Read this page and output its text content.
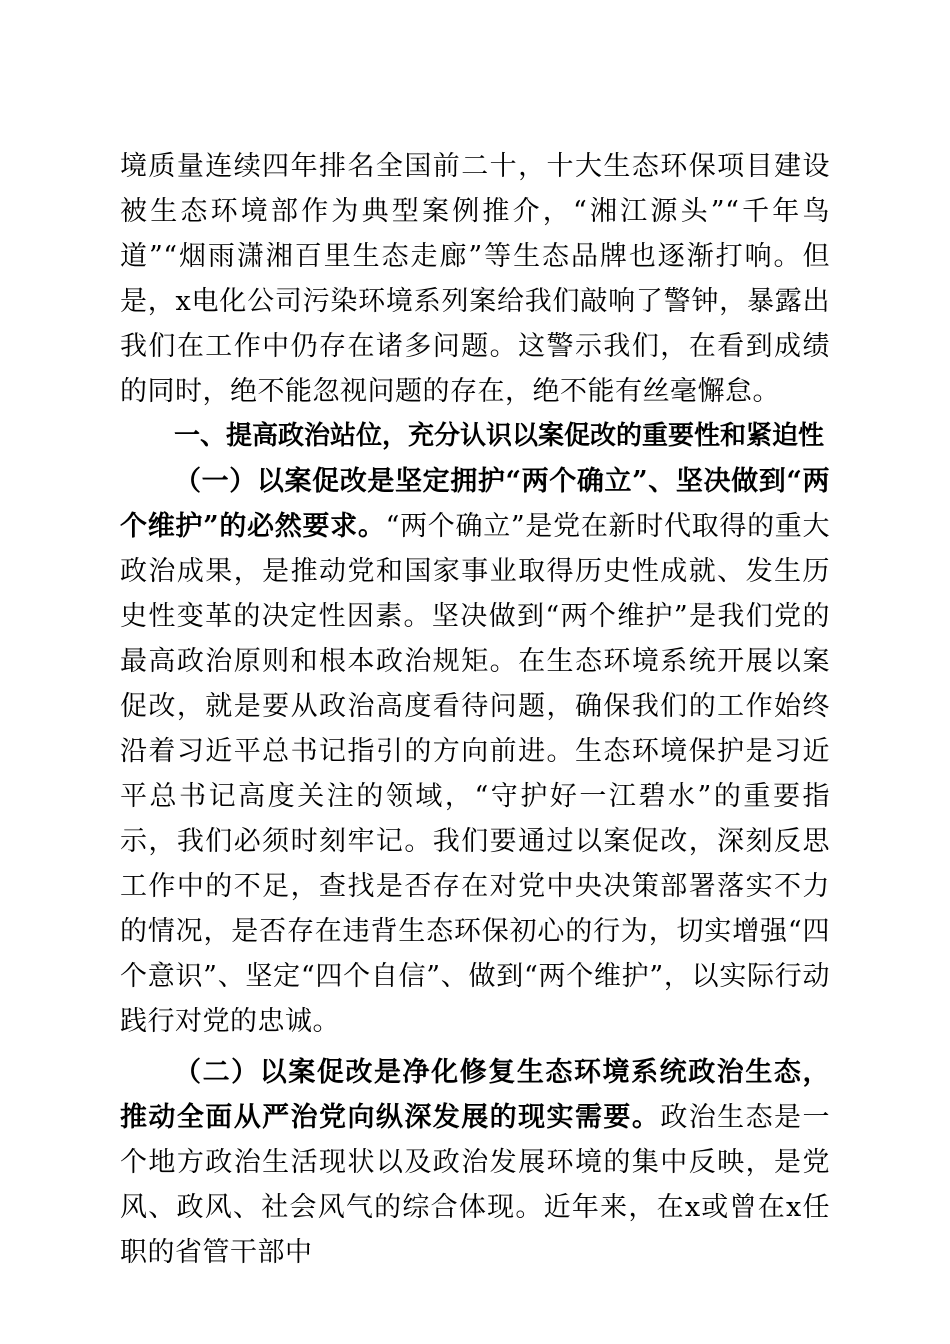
境质量连续四年排名全国前二十，十大生态环保项目建设被生态环境部作为典型案例推介，“湘江源头”“千年鸟道”“烟雨潇湘百里生态走廊”等生态品牌也逐渐打响。但是，x电化公司污染环境系列案给我们敲响了警钟，暴露出我们在工作中仍存在诸多问题。这警示我们，在看到成绩的同时，绝不能忽视问题的存在，绝不能有丝毫懈怠。

一、提高政治站位，充分认识以案促改的重要性和紧迫性

（一）以案促改是坚定拥护“两个确立”、坚决做到“两个维护”的必然要求。“两个确立”是党在新时代取得的重大政治成果，是推动党和国家事业取得历史性成就、发生历史性变革的决定性因素。坚决做到“两个维护”是我们党的最高政治原则和根本政治规矩。在生态环境系统开展以案促改，就是要从政治高度看待问题，确保我们的工作始终沿着习近平总书记指引的方向前进。生态环境保护是习近平总书记高度关注的领域，“守护好一江碧水”的重要指示，我们必须时刻牢记。我们要通过以案促改，深刻反思工作中的不足，查找是否存在对党中央决策部署落实不力的情况，是否存在违背生态环保初心的行为，切实增强“四个意识”、坚定“四个自信”、做到“两个维护”，以实际行动践行对党的忠诚。

（二）以案促改是净化修复生态环境系统政治生态，推动全面从严治党向纵深发展的现实需要。政治生态是一个地方政治生活现状以及政治发展环境的集中反映，是党风、政风、社会风气的综合体现。近年来，在x或曾在x任职的省管干部中
